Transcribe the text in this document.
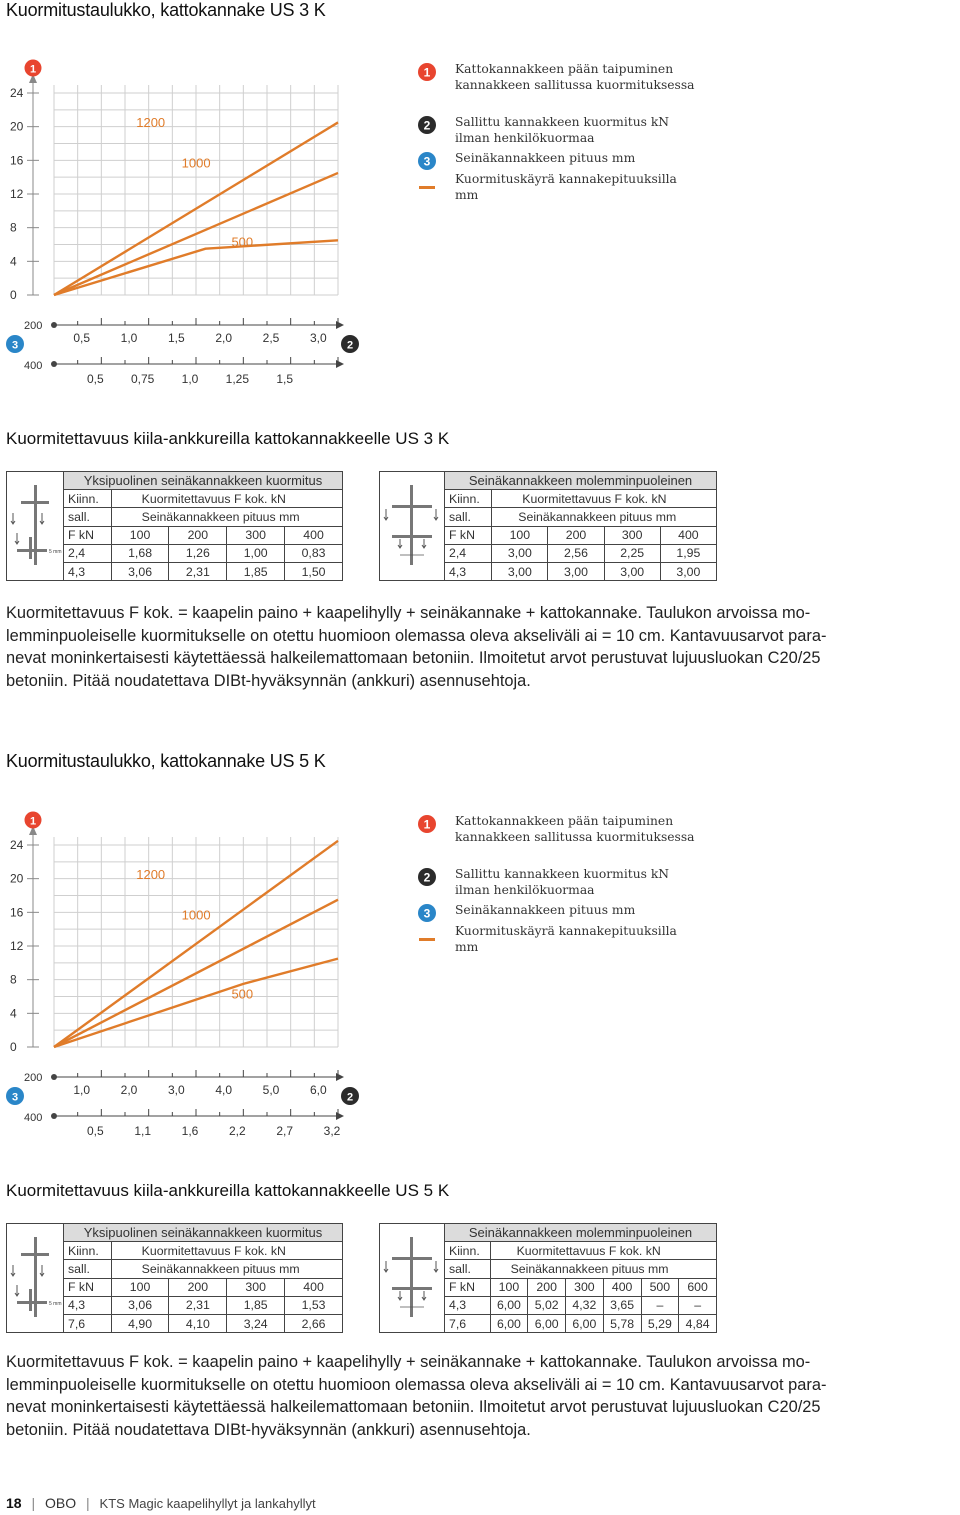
Kuormitustaulukko, kattokannake US 3 K
24
20
16
12
8
4
0
1
1200
1000
500
3
200
400
0,5	1,0	1,5	2,0	2,5	3,0
0,5 0,75 1,0 1,25 1,5
2
1 Kattokannakkeen pään taipuminen kannakkeen sallitussa kuormituksessa
2 Sallittu kannakkeen kuormitus kN ilman henkilökuormaa
3 Seinäkannakkeen pituus mm
Kuormituskäyrä kannakepituuksilla mm
Kuormitettavuus kiila-ankkureilla kattokannakkeelle US 3 K
5 mm	Yksipuolinen seinäkannakkeen kuormitus				
	Kiinn.	Kuormitettavuus F kok. kN			
	sall.	Seinäkannakkeen pituus mm			
	F kN	100	200	300	400
	2,4	1,68	1,26	1,00	0,83
	4,3	3,06	2,31	1,85	1,50
	Seinäkannakkeen molemminpuoleinen				
	Kiinn.	Kuormitettavuus F kok. kN			
	sall.	Seinäkannakkeen pituus mm			
	F kN	100	200	300	400
	2,4	3,00	2,56	2,25	1,95
	4,3	3,00	3,00	3,00	3,00
Kuormitettavuus F kok. = kaapelin paino + kaapelihylly + seinäkannake + kattokannake. Taulukon arvoissa mo-
lemminpuoleiselle kuormitukselle on otettu huomioon olemassa oleva akseliväli ai = 10 cm. Kantavuusarvot para-
nevat moninkertaisesti käytettäessä halkeilemattomaan betoniin. Ilmoitetut arvot perustuvat lujuusluokan C20/25
betoniin. Pitää noudatettava DIBt-hyväksynnän (ankkuri) asennusehtoja.
Kuormitustaulukko, kattokannake US 5 K
24
20
16
12
8
4
0
1
1200
1000
500
3
200
400
1,0	2,0	3,0	4,0	5,0	6,0
0,5	1,1	1,6	2,2	2,7	3,2
2
1 Kattokannakkeen pään taipuminen kannakkeen sallitussa kuormituksessa
2 Sallittu kannakkeen kuormitus kN ilman henkilökuormaa
3 Seinäkannakkeen pituus mm
Kuormituskäyrä kannakepituuksilla mm
Kuormitettavuus kiila-ankkureilla kattokannakkeelle US 5 K
5 mm	Yksipuolinen seinäkannakkeen kuormitus				
	Kiinn.	Kuormitettavuus F kok. kN			
	sall.	Seinäkannakkeen pituus mm			
	F kN	100	200	300	400
	4,3	3,06	2,31	1,85	1,53
	7,6	4,90	4,10	3,24	2,66
	Seinäkannakkeen molemminpuoleinen						
	Kiinn.	Kuormitettavuus F kok. kN					
	sall.	Seinäkannakkeen pituus mm					
	F kN	100	200	300	400	500	600
	4,3	6,00	5,02	4,32	3,65	–	–
	7,6	6,00	6,00	6,00	5,78	5,29	4,84
Kuormitettavuus F kok. = kaapelin paino + kaapelihylly + seinäkannake + kattokannake. Taulukon arvoissa mo-
lemminpuoleiselle kuormitukselle on otettu huomioon olemassa oleva akseliväli ai = 10 cm. Kantavuusarvot para-
nevat moninkertaisesti käytettäessä halkeilemattomaan betoniin. Ilmoitetut arvot perustuvat lujuusluokan C20/25
betoniin. Pitää noudatettava DIBt-hyväksynnän (ankkuri) asennusehtoja.
18 | OBO | KTS Magic kaapelihyllyt ja lankahyllyt
